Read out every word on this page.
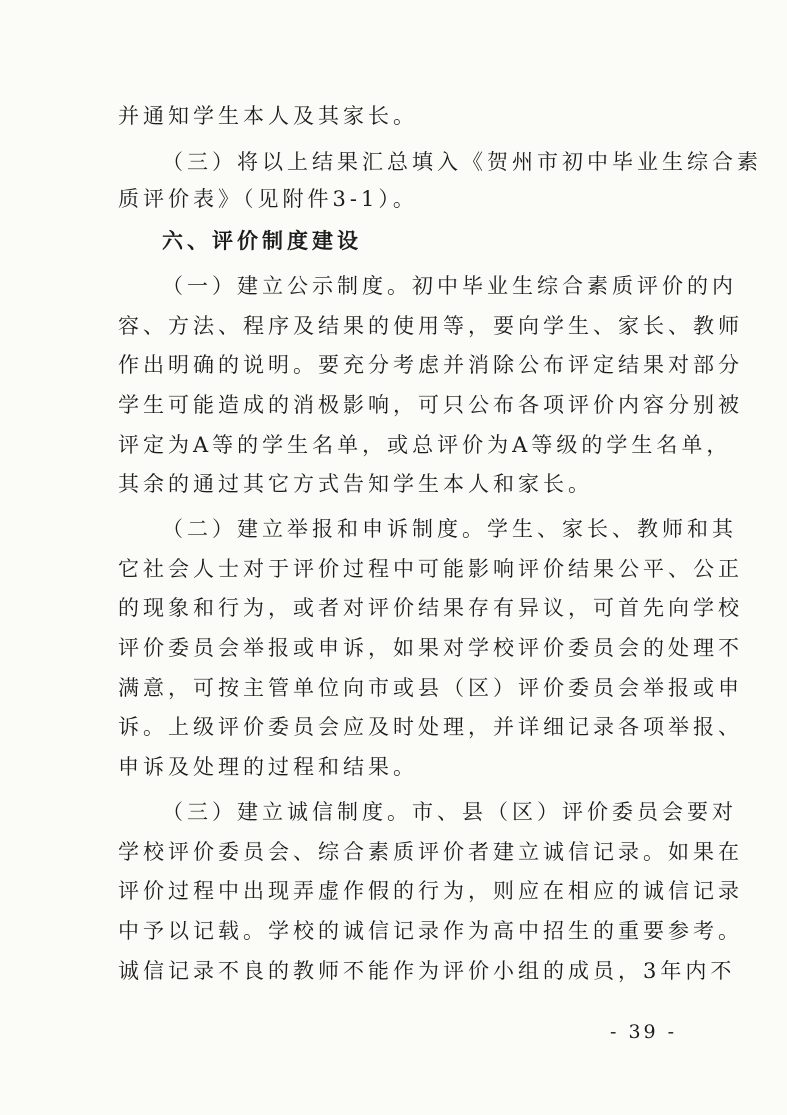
并通知学生本人及其家长。
（三）将以上结果汇总填入《贺州市初中毕业生综合素
质评价表》（见附件3-1）。
六、评价制度建设
（一）建立公示制度。初中毕业生综合素质评价的内
容、方法、程序及结果的使用等，要向学生、家长、教师
作出明确的说明。要充分考虑并消除公布评定结果对部分
学生可能造成的消极影响，可只公布各项评价内容分别被
评定为A等的学生名单，或总评价为A等级的学生名单，
其余的通过其它方式告知学生本人和家长。
（二）建立举报和申诉制度。学生、家长、教师和其
它社会人士对于评价过程中可能影响评价结果公平、公正
的现象和行为，或者对评价结果存有异议，可首先向学校
评价委员会举报或申诉，如果对学校评价委员会的处理不
满意，可按主管单位向市或县（区）评价委员会举报或申
诉。上级评价委员会应及时处理，并详细记录各项举报、
申诉及处理的过程和结果。
（三）建立诚信制度。市、县（区）评价委员会要对
学校评价委员会、综合素质评价者建立诚信记录。如果在
评价过程中出现弄虚作假的行为，则应在相应的诚信记录
中予以记载。学校的诚信记录作为高中招生的重要参考。
诚信记录不良的教师不能作为评价小组的成员，3年内不
- 39 -
